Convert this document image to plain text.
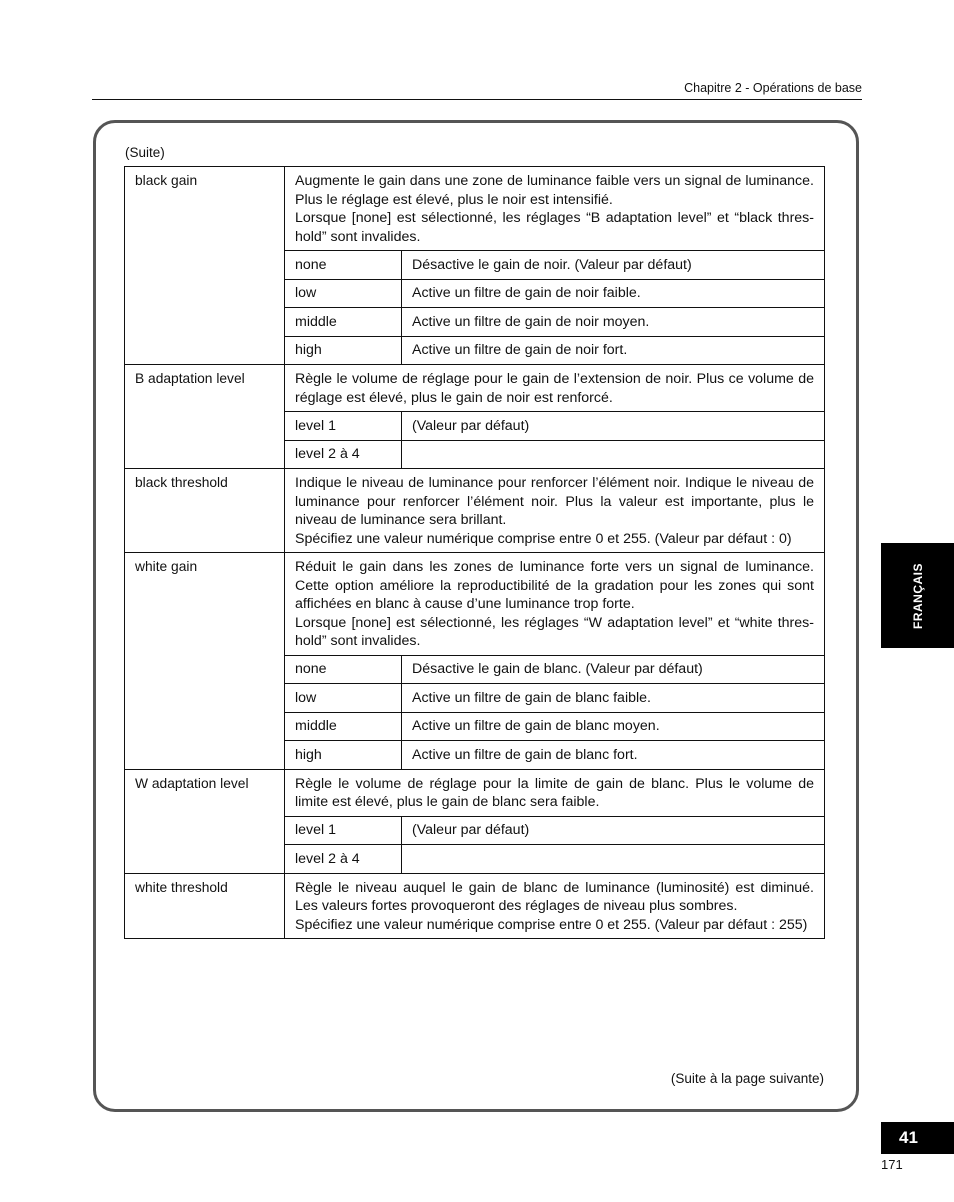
Chapitre 2 - Opérations de base
(Suite)
black gain	Augmente le gain dans une zone de luminance faible vers un signal de luminance. Plus le réglage est élevé, plus le noir est intensifié.
Lorsque [none] est sélectionné, les réglages “B adaptation level” et “black thres-hold” sont invalides.
none	Désactive le gain de noir. (Valeur par défaut)
low	Active un filtre de gain de noir faible.
middle	Active un filtre de gain de noir moyen.
high	Active un filtre de gain de noir fort.

B adaptation level	Règle le volume de réglage pour le gain de l’extension de noir. Plus ce volume de réglage est élevé, plus le gain de noir est renforcé.
level 1	(Valeur par défaut)
level 2 à 4	

black threshold	Indique le niveau de luminance pour renforcer l’élément noir. Indique le niveau de luminance pour renforcer l’élément noir. Plus la valeur est importante, plus le niveau de luminance sera brillant.
Spécifiez une valeur numérique comprise entre 0 et 255. (Valeur par défaut : 0)

white gain	Réduit le gain dans les zones de luminance forte vers un signal de luminance. Cette option améliore la reproductibilité de la gradation pour les zones qui sont affichées en blanc à cause d’une luminance trop forte.
Lorsque [none] est sélectionné, les réglages “W adaptation level” et “white thres-hold” sont invalides.
none	Désactive le gain de blanc. (Valeur par défaut)
low	Active un filtre de gain de blanc faible.
middle	Active un filtre de gain de blanc moyen.
high	Active un filtre de gain de blanc fort.

W adaptation level	Règle le volume de réglage pour la limite de gain de blanc. Plus le volume de limite est élevé, plus le gain de blanc sera faible.
level 1	(Valeur par défaut)
level 2 à 4	

white threshold	Règle le niveau auquel le gain de blanc de luminance (luminosité) est diminué. Les valeurs fortes provoqueront des réglages de niveau plus sombres.
Spécifiez une valeur numérique comprise entre 0 et 255. (Valeur par défaut : 255)
(Suite à la page suivante)
FRANÇAIS
41
171
